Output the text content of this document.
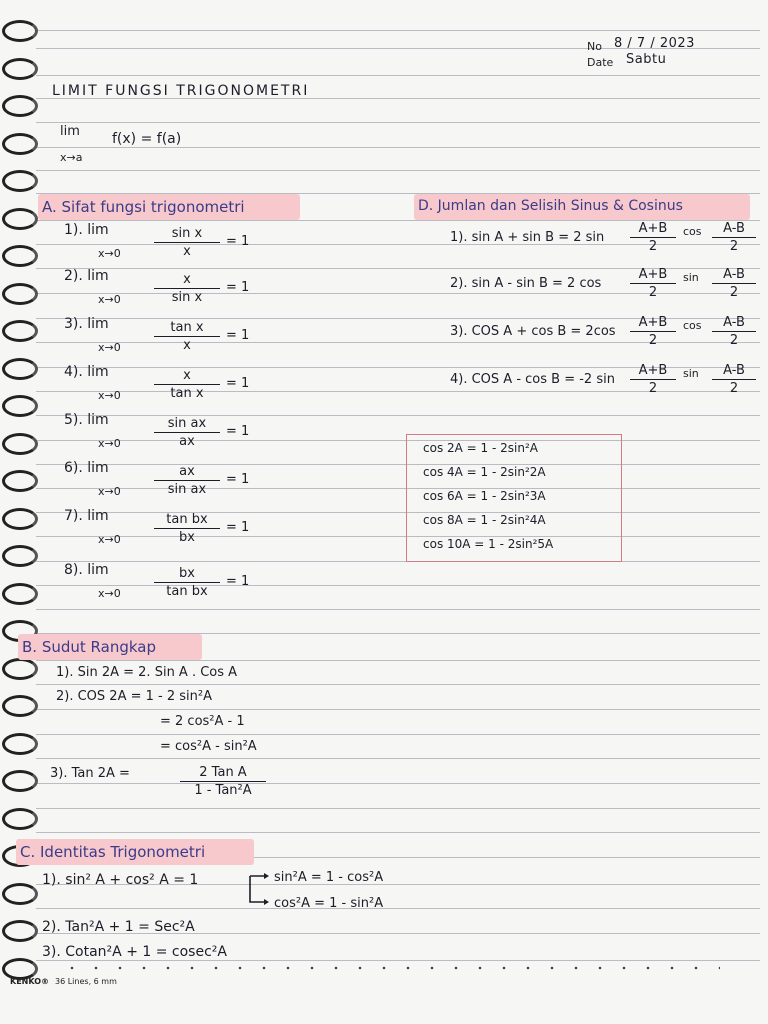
No 8 / 7 / 2023
Date Sabtu
LIMIT FUNGSI TRIGONOMETRI
lim f(x) = f(a)
x→a
A. Sifat fungsi trigonometri
1). lim
x→0	$\frac{\text{sin x}}{x} = 1$
2). lim
x→0	$\frac{x}{\text{sin x}} = 1$
3). lim
x→0	$\frac{\text{tan x}}{x} = 1$
4). lim
x→0	$\frac{x}{\text{tan x}} = 1$
5). lim
x→0	$\frac{\text{sin ax}}{ax} = 1$
6). lim
x→0	$\frac{ax}{\text{sin ax}} = 1$
7). lim
x→0	$\frac{\text{tan bx}}{bx} = 1$
8). lim
x→0	$\frac{bx}{\text{tan bx}} = 1$
D. Jumlan dan Selisih Sinus & Cosinus
1). sin A + sin B = 2 $\sin \frac{A+B}{2}$ $\cos \frac{A-B}{2}$
2). sin A - sin B = 2 $\cos \frac{A+B}{2}$ $\sin \frac{A-B}{2}$
3). COS $A + \cos B = 2\cos \frac{A+B}{2}$ $\cos \frac{A-B}{2}$
4). COS A - cos B = -2 $\sin \frac{A+B}{2}$ $\sin \frac{A-B}{2}$
cos 2A = 1 - 2sin²A
cos 4A = 1 - 2sin²2A
cos 6A = 1 - 2sin²3A
cos 8A = 1 - 2sin²4A
cos 10A = 1 - 2sin²5A
B. Sudut Rangkap
1). Sin 2A = 2. Sin A . Cos A
2). COS 2A = 1 - 2 sin²A
= 2 cos²A - 1
= cos²A - sin²A
3). Tan 2A =	2 Tan A
1 - Tan²A
C. Identitas Trigonometri
1). sin² A + cos² A = 1	sin²A = 1 - cos²A
cos²A = 1 - sin²A
2). Tan²A + 1 = Sec²A
3). Cotan²A + 1 = cosec²A
KENKO® 36 Lines, 6 mm
